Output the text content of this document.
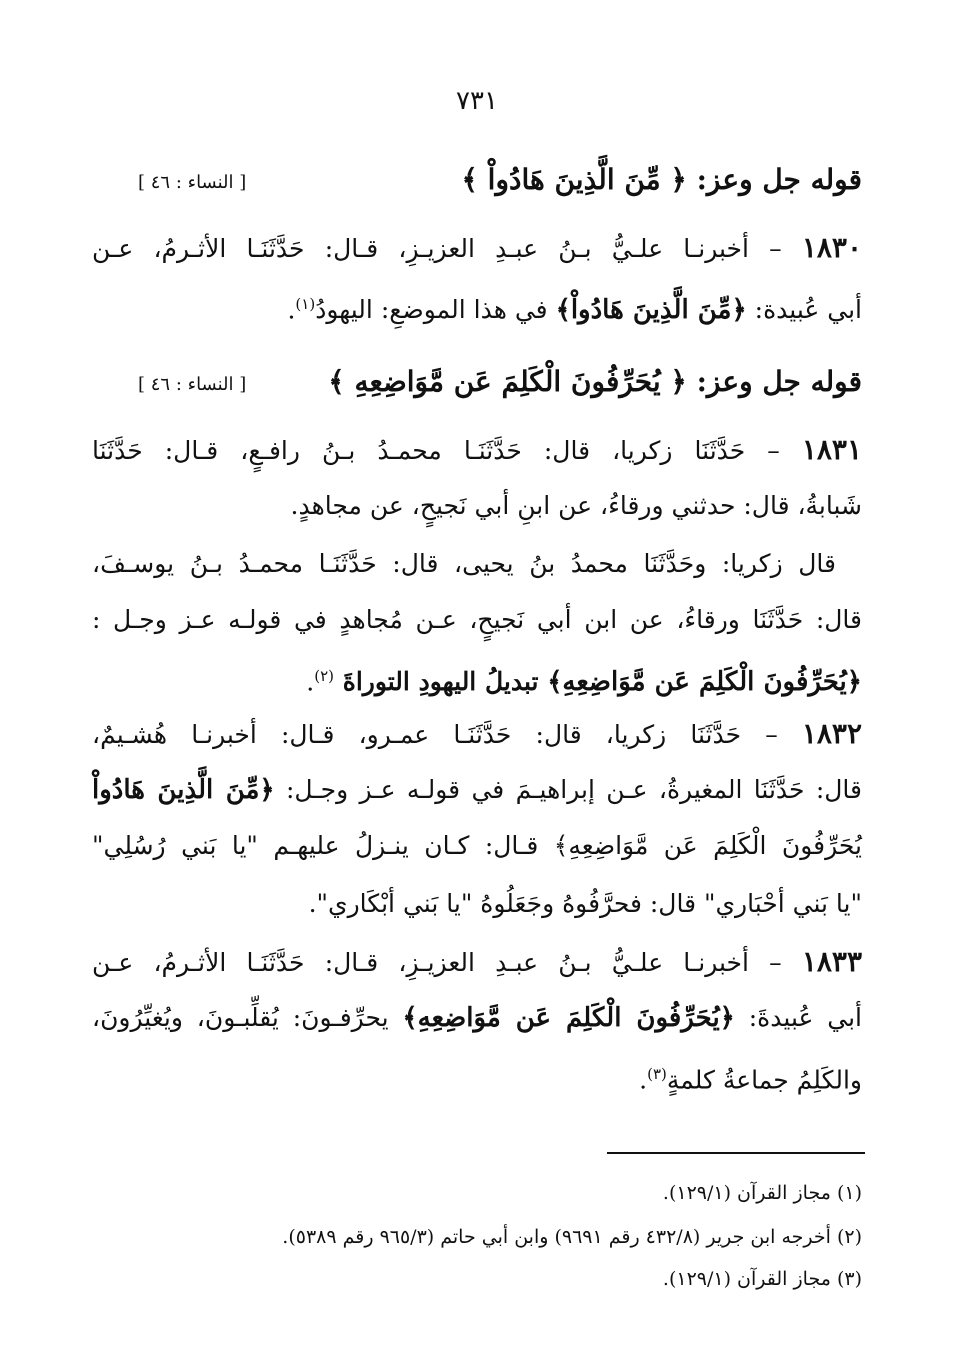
٧٣١
قوله جل وعز: ﴿ مِّنَ الَّذِينَ هَادُواْ ﴾
[ النساء : ٤٦ ]
١٨٣٠ – أخبرنـا علـيُّ بـنُ عبـدِ العزيـزِ، قـال: حَدَّثَنَـا الأثـرمُ، عـن
أبي عُبيدة: ﴿مِّنَ الَّذِينَ هَادُواْ﴾ في هذا الموضعِ: اليهودُ$^{(١)}$.
قوله جل وعز: ﴿ يُحَرِّفُونَ الْكَلِمَ عَن مَّوَاضِعِهِ ﴾
[ النساء : ٤٦ ]
١٨٣١ – حَدَّثَنَا زكريا، قال: حَدَّثَنَـا محمـدُ بـنُ رافـعٍ، قـال: حَدَّثَنَا
شَبابةُ، قال: حدثني ورقاءُ، عن ابنِ أبي نَجيحٍ، عن مجاهدٍ.
قال زكريا: وحَدَّثَنَا محمدُ بنُ يحيى، قال: حَدَّثَنَـا محمـدُ بـنُ يوسـفَ،
قال: حَدَّثَنَا ورقاءُ، عن ابن أبي نَجيحٍ، عـن مُجاهدٍ في قولـه عـز وجـل :
﴿يُحَرِّفُونَ الْكَلِمَ عَن مَّوَاضِعِهِ﴾ تبديلُ اليهودِ التوراةَ $^{(٢)}$.
١٨٣٢ – حَدَّثَنَا زكريا، قال: حَدَّثَنَـا عمـرو، قـال: أخبرنـا هُشـيمٌ،
قال: حَدَّثَنَا المغيرةُ، عـن إبراهيـمَ في قولـه عـز وجـل: ﴿مِّنَ الَّذِينَ هَادُواْ
يُحَرِّفُونَ الْكَلِمَ عَن مَّوَاضِعِهِ﴾ قـال: كـان ينـزلُ عليهـم "يا بَني رُسُلِي"
"يا بَني أحْبَاري" قال: فحرَّفُوهُ وجَعَلُوهُ "يا بَني أبْكَاري".
١٨٣٣ – أخبرنـا علـيُّ بـنُ عبـدِ العزيـزِ، قـال: حَدَّثَنَـا الأثـرمُ، عـن
أبي عُبيدةَ: ﴿يُحَرِّفُونَ الْكَلِمَ عَن مَّوَاضِعِهِ﴾ يحرِّفـونَ: يُقلِّبـونَ، ويُغيِّرُونَ،
والكَلِمُ جماعةُ كلمةٍ$^{(٣)}$.
(١) مجاز القرآن (١٢٩/١).
(٢) أخرجه ابن جرير (٤٣٢/٨ رقم ٩٦٩١) وابن أبي حاتم (٩٦٥/٣ رقم ٥٣٨٩).
(٣) مجاز القرآن (١٢٩/١).
